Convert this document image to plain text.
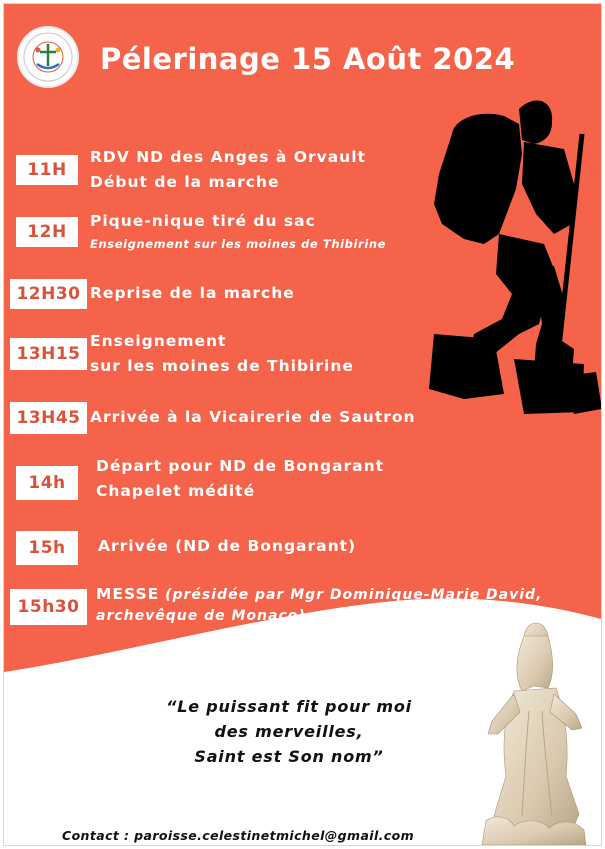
Pélerinage 15 Août 2024
11H
RDV ND des Anges à Orvault
Début de la marche
12H
Pique-nique tiré du sac
Enseignement sur les moines de Thibirine
12H30 Reprise de la marche
13H15
Enseignement
sur les moines de Thibirine
13H45 Arrivée à la Vicairerie de Sautron
14h
Départ pour ND de Bongarant
Chapelet médité
15h	Arrivée (ND de Bongarant)
15h30
MESSE (présidée par Mgr Dominique-Marie David,
archevêque de Monaco)
“Le puissant fit pour moi
des merveilles,
Saint est Son nom”
Contact : paroisse.celestinetmichel@gmail.com
